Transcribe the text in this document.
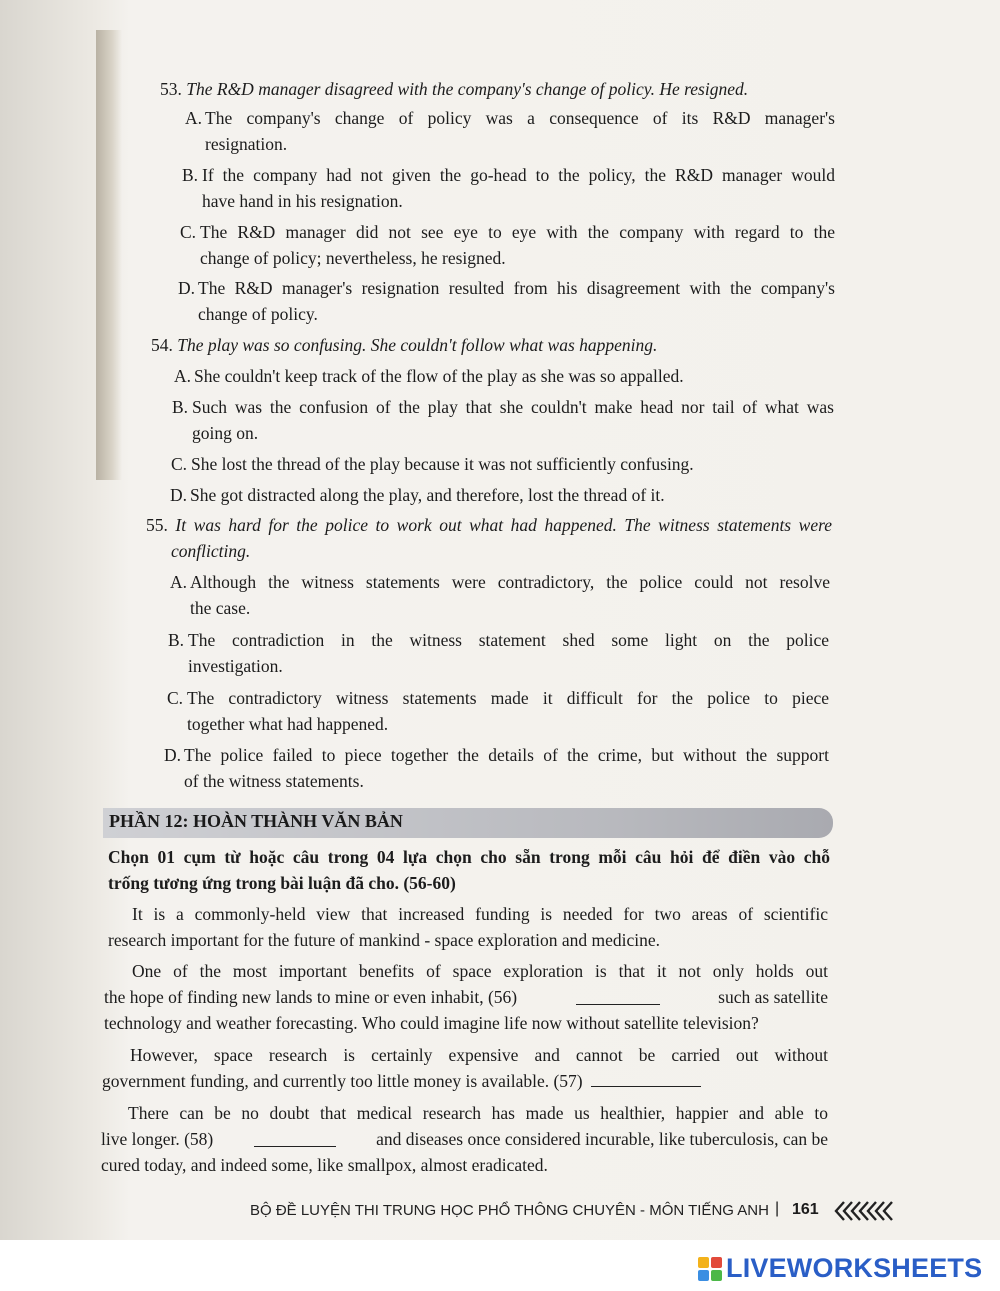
53. The R&D manager disagreed with the company's change of policy. He resigned.

A. The company's change of policy was a consequence of its R&D manager's
resignation.
B. If the company had not given the go-head to the policy, the R&D manager would
have hand in his resignation.
C. The R&D manager did not see eye to eye with the company with regard to the
change of policy; nevertheless, he resigned.
D. The R&D manager's resignation resulted from his disagreement with the company's
change of policy.

54. The play was so confusing. She couldn't follow what was happening.

A. She couldn't keep track of the flow of the play as she was so appalled.
B. Such was the confusion of the play that she couldn't make head nor tail of what was
going on.
C. She lost the thread of the play because it was not sufficiently confusing.
D. She got distracted along the play, and therefore, lost the thread of it.

55. It was hard for the police to work out what had happened. The witness statements were
conflicting.

A. Although the witness statements were contradictory, the police could not resolve
the case.
B. The contradiction in the witness statement shed some light on the police
investigation.
C. The contradictory witness statements made it difficult for the police to piece
together what had happened.
D. The police failed to piece together the details of the crime, but without the support
of the witness statements.
PHẦN 12: HOÀN THÀNH VĂN BẢN
Chọn 01 cụm từ hoặc câu trong 04 lựa chọn cho sẵn trong mỗi câu hỏi để điền vào chỗ
trống tương ứng trong bài luận đã cho. (56-60)
It is a commonly-held view that increased funding is needed for two areas of scientific
research important for the future of mankind - space exploration and medicine.
One of the most important benefits of space exploration is that it not only holds out
the hope of finding new lands to mine or even inhabit, (56)	such as satellite
technology and weather forecasting. Who could imagine life now without satellite television?
However, space research is certainly expensive and cannot be carried out without
government funding, and currently too little money is available. (57)
There can be no doubt that medical research has made us healthier, happier and able to
live longer. (58)	and diseases once considered incurable, like tuberculosis, can be
cured today, and indeed some, like smallpox, almost eradicated.
BỘ ĐỀ LUYỆN THI TRUNG HỌC PHỔ THÔNG CHUYÊN - MÔN TIẾNG ANH | 161
LIVEWORKSHEETS
